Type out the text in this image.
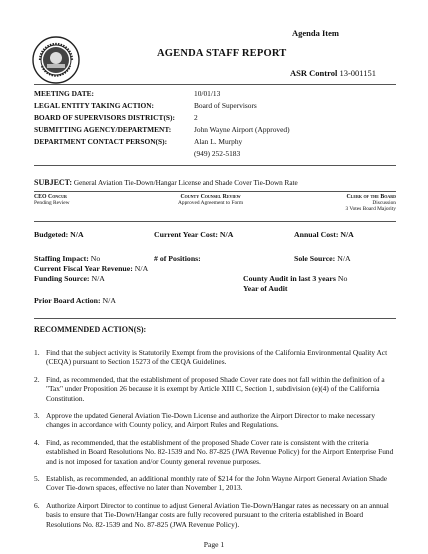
Agenda Item
AGENDA STAFF REPORT
ASR Control 13-001151
MEETING DATE:	10/01/13
LEGAL ENTITY TAKING ACTION:	Board of Supervisors
BOARD OF SUPERVISORS DISTRICT(S):	2
SUBMITTING AGENCY/DEPARTMENT:	John Wayne Airport (Approved)
DEPARTMENT CONTACT PERSON(S):	Alan L. Murphy
(949) 252-5183
SUBJECT: General Aviation Tie-Down/Hangar License and Shade Cover Tie-Down Rate
CEO Concur
Pending Review
County Counsel Review
Approved Agreement to Form
Clerk of the Board
Discussion
3 Votes Board Majority
Budgeted: N/A	Current Year Cost: N/A	Annual Cost: N/A
Staffing Impact: No	# of Positions:	Sole Source: N/A
Current Fiscal Year Revenue: N/A
Funding Source: N/A	County Audit in last 3 years No
Year of Audit
Prior Board Action: N/A
RECOMMENDED ACTION(S):
1. Find that the subject activity is Statutorily Exempt from the provisions of the California Environmental Quality Act (CEQA) pursuant to Section 15273 of the CEQA Guidelines.
2. Find, as recommended, that the establishment of proposed Shade Cover rate does not fall within the definition of a "Tax" under Proposition 26 because it is exempt by Article XIII C, Section 1, subdivision (e)(4) of the California Constitution.
3. Approve the updated General Aviation Tie-Down License and authorize the Airport Director to make necessary changes in accordance with County policy, and Airport Rules and Regulations.
4. Find, as recommended, that the establishment of the proposed Shade Cover rate is consistent with the criteria established in Board Resolutions No. 82-1539 and No. 87-825 (JWA Revenue Policy) for the Airport Enterprise Fund and is not imposed for taxation and/or County general revenue purposes.
5. Establish, as recommended, an additional monthly rate of $214 for the John Wayne Airport General Aviation Shade Cover Tie-down spaces, effective no later than November 1, 2013.
6. Authorize Airport Director to continue to adjust General Aviation Tie-Down/Hangar rates as necessary on an annual basis to ensure that Tie-Down/Hangar costs are fully recovered pursuant to the criteria established in Board Resolutions No. 82-1539 and No. 87-825 (JWA Revenue Policy).
Page 1
